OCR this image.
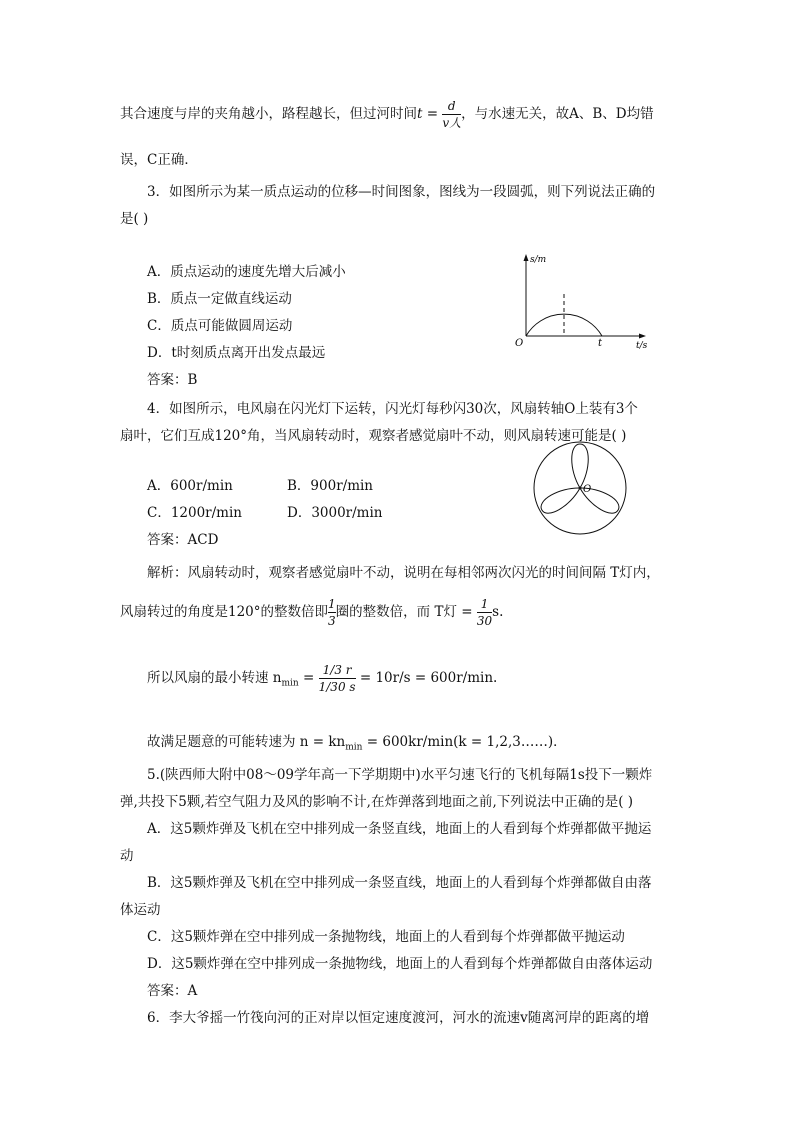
其合速度与岸的夹角越小，路程越长，但过河时间$t = \frac{d}{\text{v人}}$ ，与水速无关，故A、B、D均错
误，C正确．
3．如图所示为某一质点运动的位移—时间图象，图线为一段圆弧，则下列说法正确的
是( )
A．质点运动的速度先增大后减小
B．质点一定做直线运动
C．质点可能做圆周运动
D．t时刻质点离开出发点最远
答案：B
s/m
O	t	t/s
4．如图所示，电风扇在闪光灯下运转，闪光灯每秒闪30次，风扇转轴O上装有3个
扇叶，它们互成120°角，当风扇转动时，观察者感觉扇叶不动，则风扇转速可能是( )
A．600r/min	B．900r/min
C．1200r/min	D．3000r/min
答案：ACD
O
解析：风扇转动时，观察者感觉扇叶不动，说明在每相邻两次闪光的时间间隔 T灯内，
风扇转过的角度是120°的整数倍即 $\frac{1}{3}$ 圈的整数倍，而 T灯 = $\frac{1}{30} s$.
所以风扇的最小转速 $n_{min} = \frac{1/3 r}{1/30 s} = 10r/s = 600r/\min$.
故满足题意的可能转速为 $n = kn_{min} = 600kr/\min(k$ = 1,2,3……)．
5.(陕西师大附中08～09学年高一下学期期中)水平匀速飞行的飞机每隔1s投下一颗炸
弹,共投下5颗,若空气阻力及风的影响不计,在炸弹落到地面之前,下列说法中正确的是( )
A．这5颗炸弹及飞机在空中排列成一条竖直线，地面上的人看到每个炸弹都做平抛运
动
B．这5颗炸弹及飞机在空中排列成一条竖直线，地面上的人看到每个炸弹都做自由落
体运动
C．这5颗炸弹在空中排列成一条抛物线，地面上的人看到每个炸弹都做平抛运动
D．这5颗炸弹在空中排列成一条抛物线，地面上的人看到每个炸弹都做自由落体运动
答案：A
6．李大爷摇一竹筏向河的正对岸以恒定速度渡河，河水的流速v随离河岸的距离的增
